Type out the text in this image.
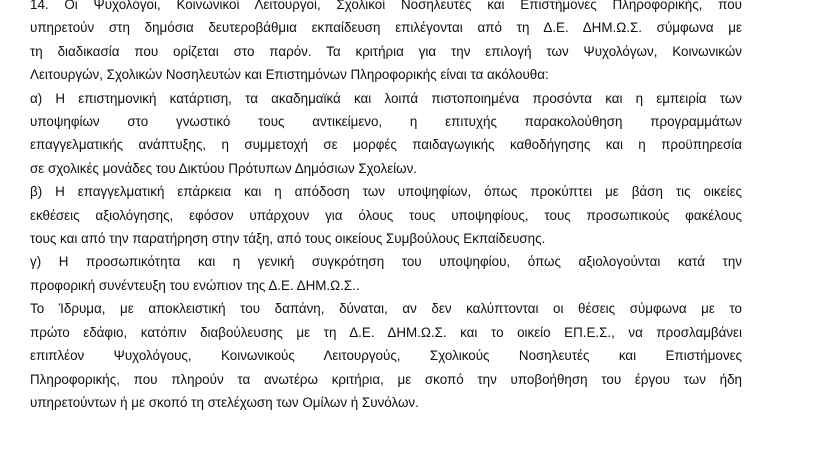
14. Οι Ψυχολόγοι, Κοινωνικοί Λειτουργοί, Σχολικοί Νοσηλευτές και Επιστήμονες Πληροφορικής, που
υπηρετούν στη δημόσια δευτεροβάθμια εκπαίδευση επιλέγονται από τη Δ.Ε. ΔΗΜ.Ω.Σ. σύμφωνα με
τη διαδικασία που ορίζεται στο παρόν. Τα κριτήρια για την επιλογή των Ψυχολόγων, Κοινωνικών
Λειτουργών, Σχολικών Νοσηλευτών και Επιστημόνων Πληροφορικής είναι τα ακόλουθα:

α) Η επιστημονική κατάρτιση, τα ακαδημαϊκά και λοιπά πιστοποιημένα προσόντα και η εμπειρία των
υποψηφίων στο γνωστικό τους αντικείμενο, η επιτυχής παρακολούθηση προγραμμάτων
επαγγελματικής ανάπτυξης, η συμμετοχή σε μορφές παιδαγωγικής καθοδήγησης και η προϋπηρεσία
σε σχολικές μονάδες του Δικτύου Πρότυπων Δημόσιων Σχολείων.

β) Η επαγγελματική επάρκεια και η απόδοση των υποψηφίων, όπως προκύπτει με βάση τις οικείες
εκθέσεις αξιολόγησης, εφόσον υπάρχουν για όλους τους υποψηφίους, τους προσωπικούς φακέλους
τους και από την παρατήρηση στην τάξη, από τους οικείους Συμβούλους Εκπαίδευσης.

γ) Η προσωπικότητα και η γενική συγκρότηση του υποψηφίου, όπως αξιολογούνται κατά την
προφορική συνέντευξη του ενώπιον της Δ.Ε. ΔΗΜ.Ω.Σ..

Το Ίδρυμα, με αποκλειστική του δαπάνη, δύναται, αν δεν καλύπτονται οι θέσεις σύμφωνα με το
πρώτο εδάφιο, κατόπιν διαβούλευσης με τη Δ.Ε. ΔΗΜ.Ω.Σ. και το οικείο ΕΠ.Ε.Σ., να προσλαμβάνει
επιπλέον Ψυχολόγους, Κοινωνικούς Λειτουργούς, Σχολικούς Νοσηλευτές και Επιστήμονες
Πληροφορικής, που πληρούν τα ανωτέρω κριτήρια, με σκοπό την υποβοήθηση του έργου των ήδη
υπηρετούντων ή με σκοπό τη στελέχωση των Ομίλων ή Συνόλων.
